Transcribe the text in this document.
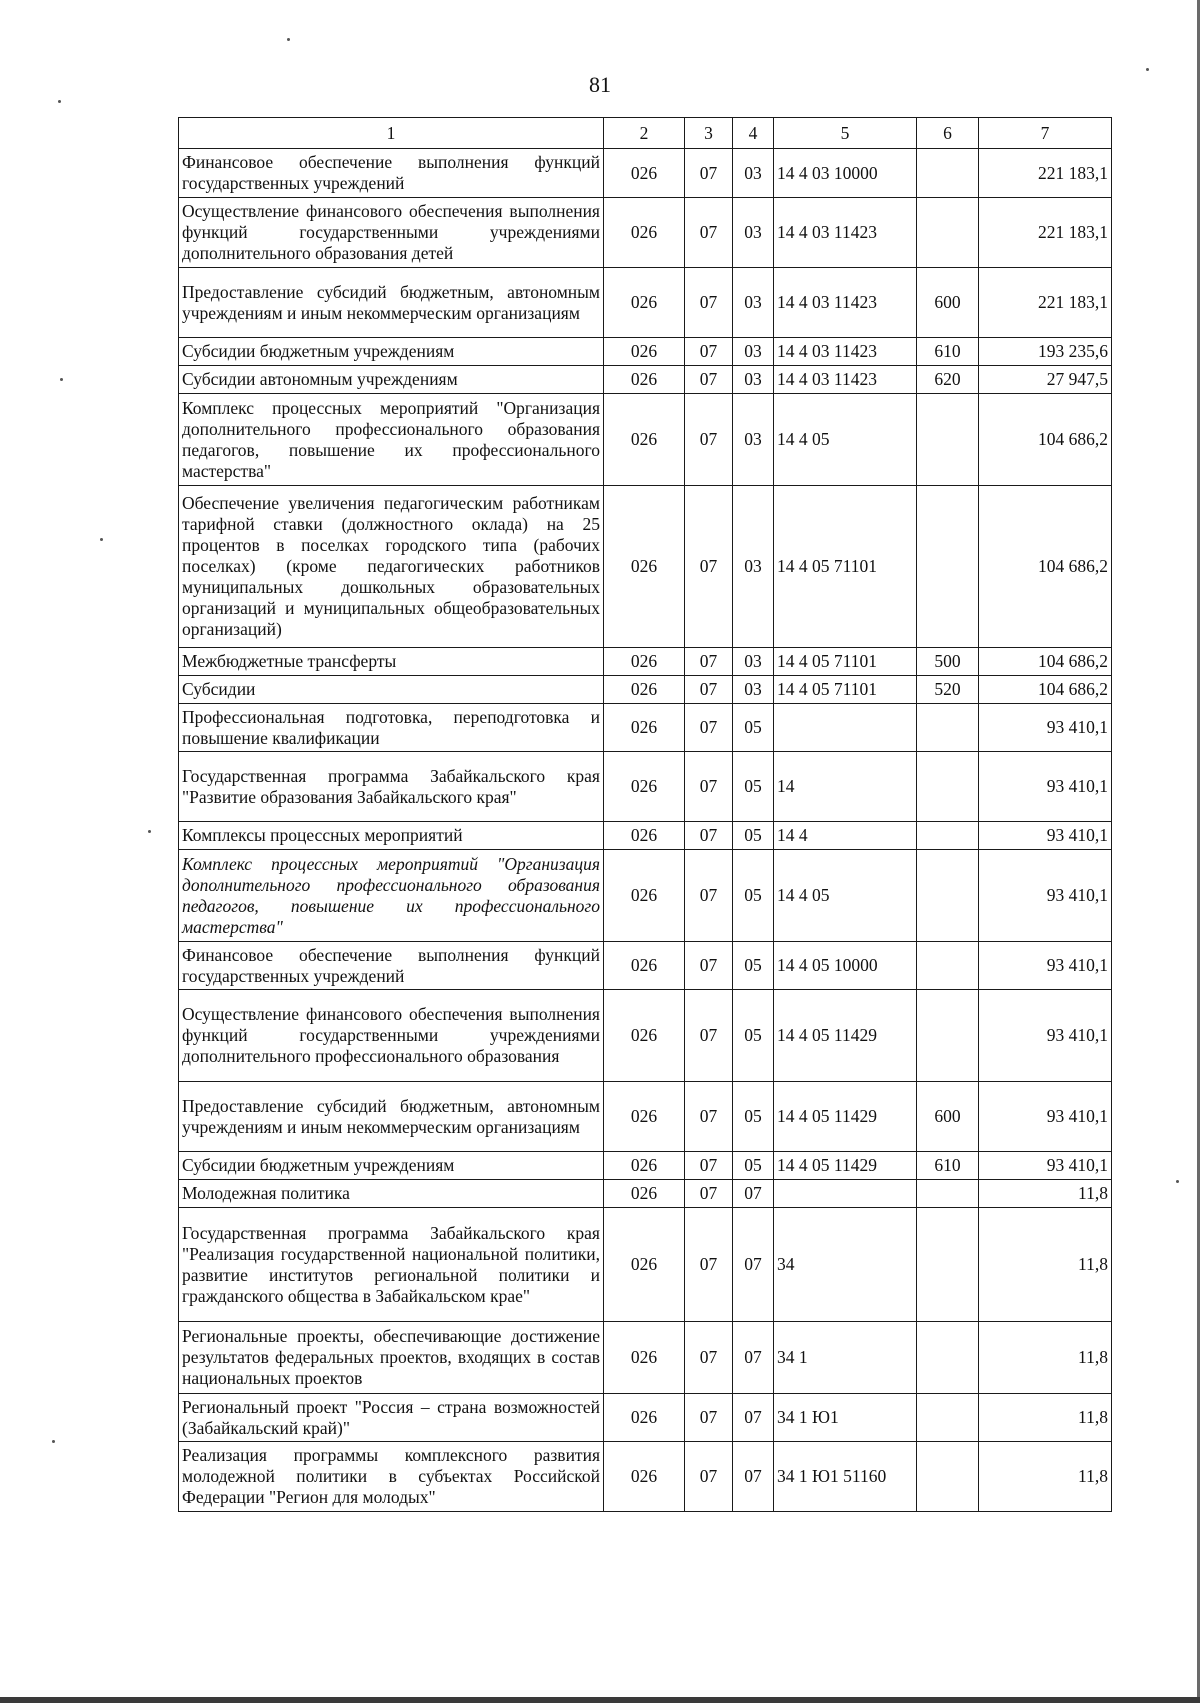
81
1	2	3	4	5	6	7
Финансовое обеспечение выполнения функций государственных учреждений	026	07	03	14 4 03 10000		221 183,1
Осуществление финансового обеспечения выполнения функций государственными учреждениями дополнительного образования детей	026	07	03	14 4 03 11423		221 183,1
Предоставление субсидий бюджетным, автономным учреждениям и иным некоммерческим организациям	026	07	03	14 4 03 11423	600	221 183,1
Субсидии бюджетным учреждениям	026	07	03	14 4 03 11423	610	193 235,6
Субсидии автономным учреждениям	026	07	03	14 4 03 11423	620	27 947,5
Комплекс процессных мероприятий "Организация дополнительного профессионального образования педагогов, повышение их профессионального мастерства"	026	07	03	14 4 05		104 686,2
Обеспечение увеличения педагогическим работникам тарифной ставки (должностного оклада) на 25 процентов в поселках городского типа (рабочих поселках) (кроме педагогических работников муниципальных дошкольных образовательных организаций и муниципальных общеобразовательных организаций)	026	07	03	14 4 05 71101		104 686,2
Межбюджетные трансферты	026	07	03	14 4 05 71101	500	104 686,2
Субсидии	026	07	03	14 4 05 71101	520	104 686,2
Профессиональная подготовка, переподготовка и повышение квалификации	026	07	05			93 410,1
Государственная программа Забайкальского края "Развитие образования Забайкальского края"	026	07	05	14		93 410,1
Комплексы процессных мероприятий	026	07	05	14 4		93 410,1
Комплекс процессных мероприятий "Организация дополнительного профессионального образования педагогов, повышение их профессионального мастерства"	026	07	05	14 4 05		93 410,1
Финансовое обеспечение выполнения функций государственных учреждений	026	07	05	14 4 05 10000		93 410,1
Осуществление финансового обеспечения выполнения функций государственными учреждениями дополнительного профессионального образования	026	07	05	14 4 05 11429		93 410,1
Предоставление субсидий бюджетным, автономным учреждениям и иным некоммерческим организациям	026	07	05	14 4 05 11429	600	93 410,1
Субсидии бюджетным учреждениям	026	07	05	14 4 05 11429	610	93 410,1
Молодежная политика	026	07	07			11,8
Государственная программа Забайкальского края "Реализация государственной национальной политики, развитие институтов региональной политики и гражданского общества в Забайкальском крае"	026	07	07	34		11,8
Региональные проекты, обеспечивающие достижение результатов федеральных проектов, входящих в состав национальных проектов	026	07	07	34 1		11,8
Региональный проект "Россия – страна возможностей (Забайкальский край)"	026	07	07	34 1 Ю1		11,8
Реализация программы комплексного развития молодежной политики в субъектах Российской Федерации "Регион для молодых"	026	07	07	34 1 Ю1 51160		11,8
